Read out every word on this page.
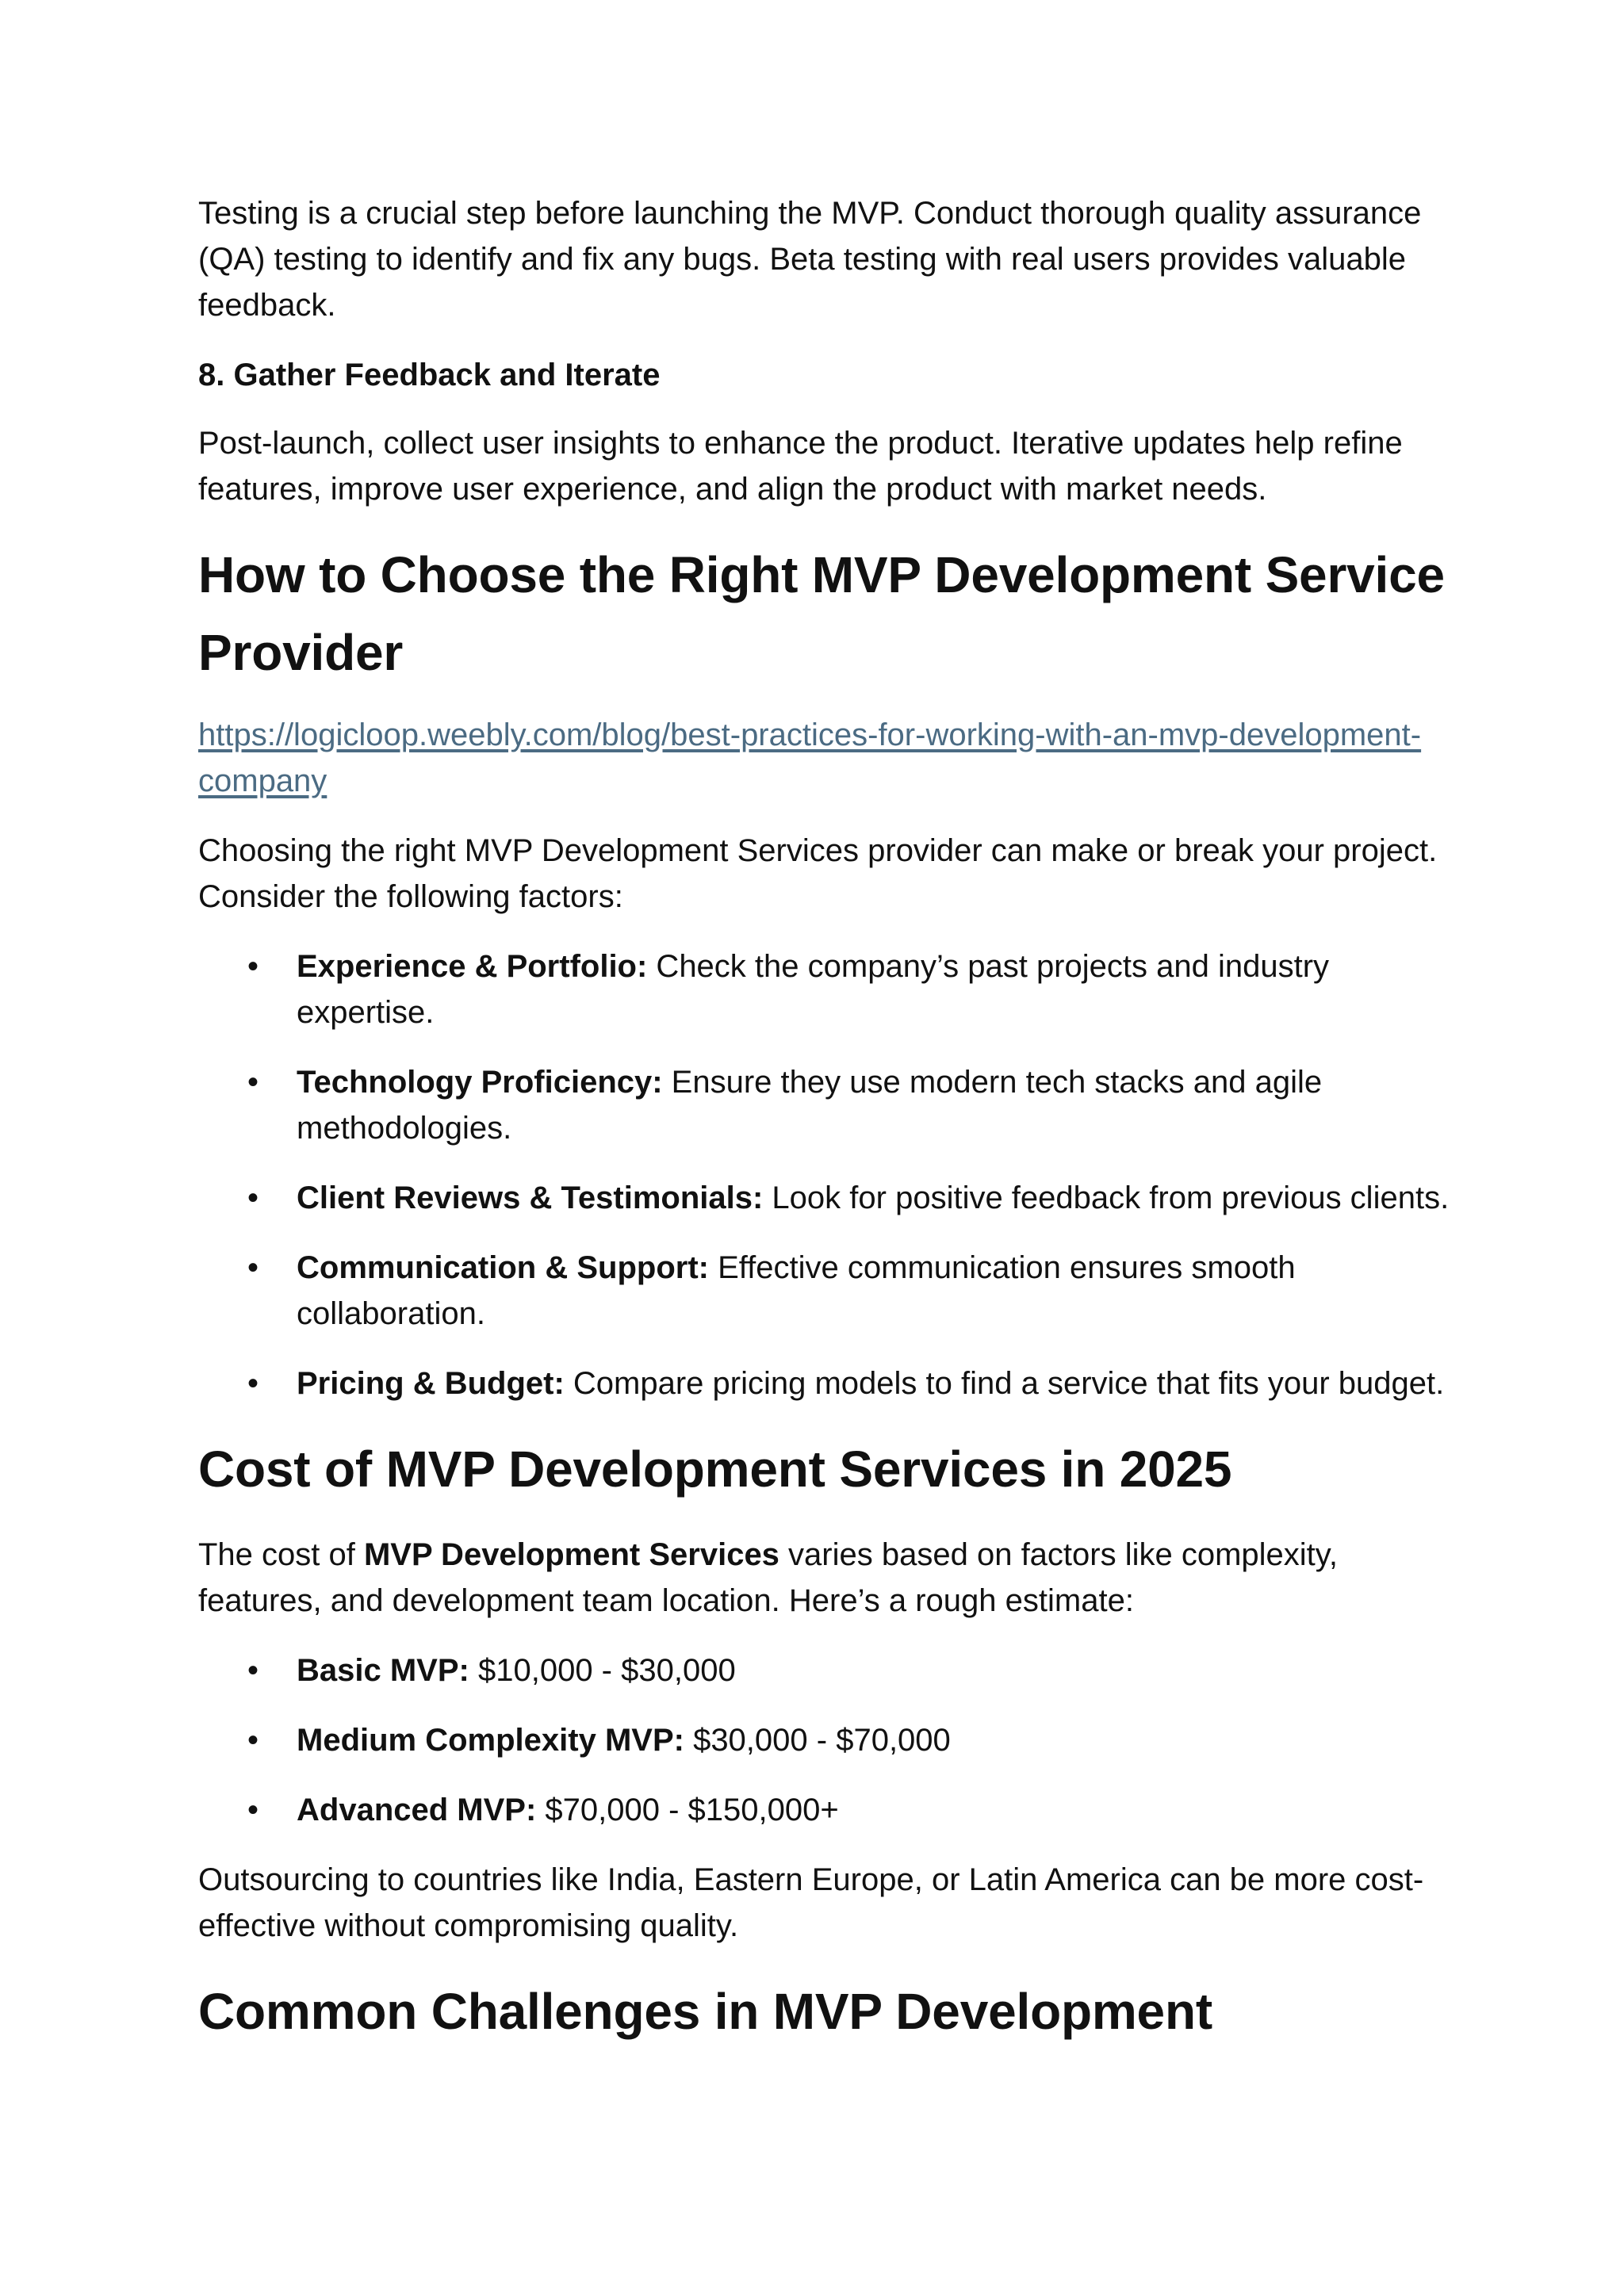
Testing is a crucial step before launching the MVP. Conduct thorough quality assurance (QA) testing to identify and fix any bugs. Beta testing with real users provides valuable feedback.

8. Gather Feedback and Iterate

Post-launch, collect user insights to enhance the product. Iterative updates help refine features, improve user experience, and align the product with market needs.

How to Choose the Right MVP Development Service Provider
https://logicloop.weebly.com/blog/best-practices-for-working-with-an-mvp-development-company

Choosing the right MVP Development Services provider can make or break your project. Consider the following factors:

• Experience & Portfolio: Check the company’s past projects and industry expertise.
• Technology Proficiency: Ensure they use modern tech stacks and agile methodologies.
• Client Reviews & Testimonials: Look for positive feedback from previous clients.
• Communication & Support: Effective communication ensures smooth collaboration.
• Pricing & Budget: Compare pricing models to find a service that fits your budget.
Cost of MVP Development Services in 2025

The cost of MVP Development Services varies based on factors like complexity, features, and development team location. Here’s a rough estimate:

• Basic MVP: $10,000 - $30,000
• Medium Complexity MVP: $30,000 - $70,000
• Advanced MVP: $70,000 - $150,000+

Outsourcing to countries like India, Eastern Europe, or Latin America can be more cost-effective without compromising quality.

Common Challenges in MVP Development
